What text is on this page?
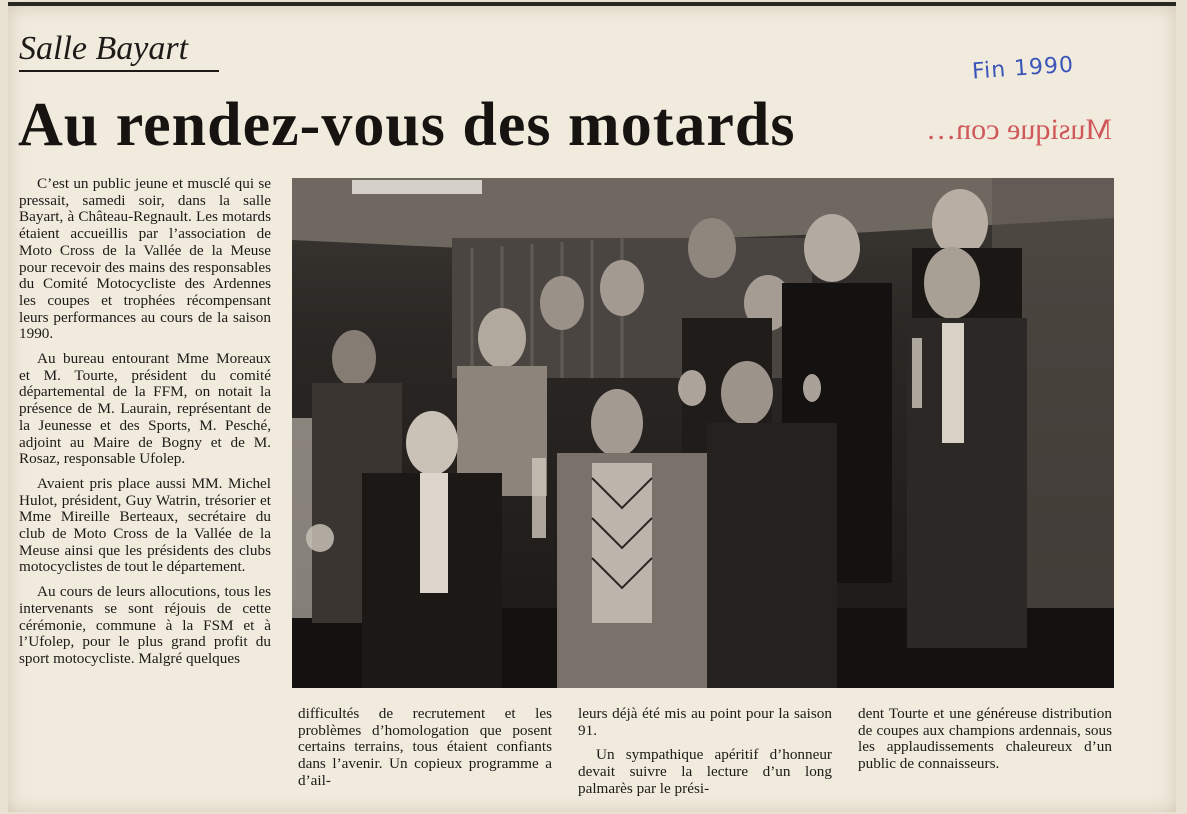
Salle Bayart
Au rendez-vous des motards
Fin 1990
Musique con…

C’est un public jeune et musclé qui se pressait, samedi soir, dans la salle Bayart, à Château-Regnault. Les motards étaient accueillis par l’association de Moto Cross de la Vallée de la Meuse pour recevoir des mains des responsables du Comité Motocycliste des Ardennes les coupes et trophées récompensant leurs performances au cours de la saison 1990.

Au bureau entourant Mme Moreaux et M. Tourte, président du comité départemental de la FFM, on notait la présence de M. Laurain, représentant de la Jeunesse et des Sports, M. Pesché, adjoint au Maire de Bogny et de M. Rosaz, responsable Ufolep.

Avaient pris place aussi MM. Michel Hulot, président, Guy Watrin, trésorier et Mme Mireille Berteaux, secrétaire du club de Moto Cross de la Vallée de la Meuse ainsi que les présidents des clubs motocyclistes de tout le département.

Au cours de leurs allocutions, tous les intervenants se sont réjouis de cette cérémonie, commune à la FSM et à l’Ufolep, pour le plus grand profit du sport motocycliste. Malgré quelques

difficultés de recrutement et les problèmes d’homologation que posent certains terrains, tous étaient confiants dans l’avenir. Un copieux programme a d’ail-

leurs déjà été mis au point pour la saison 91.

Un sympathique apéritif d’honneur devait suivre la lecture d’un long palmarès par le prési-

dent Tourte et une généreuse distribution de coupes aux champions ardennais, sous les applaudissements chaleureux d’un public de connaisseurs.
